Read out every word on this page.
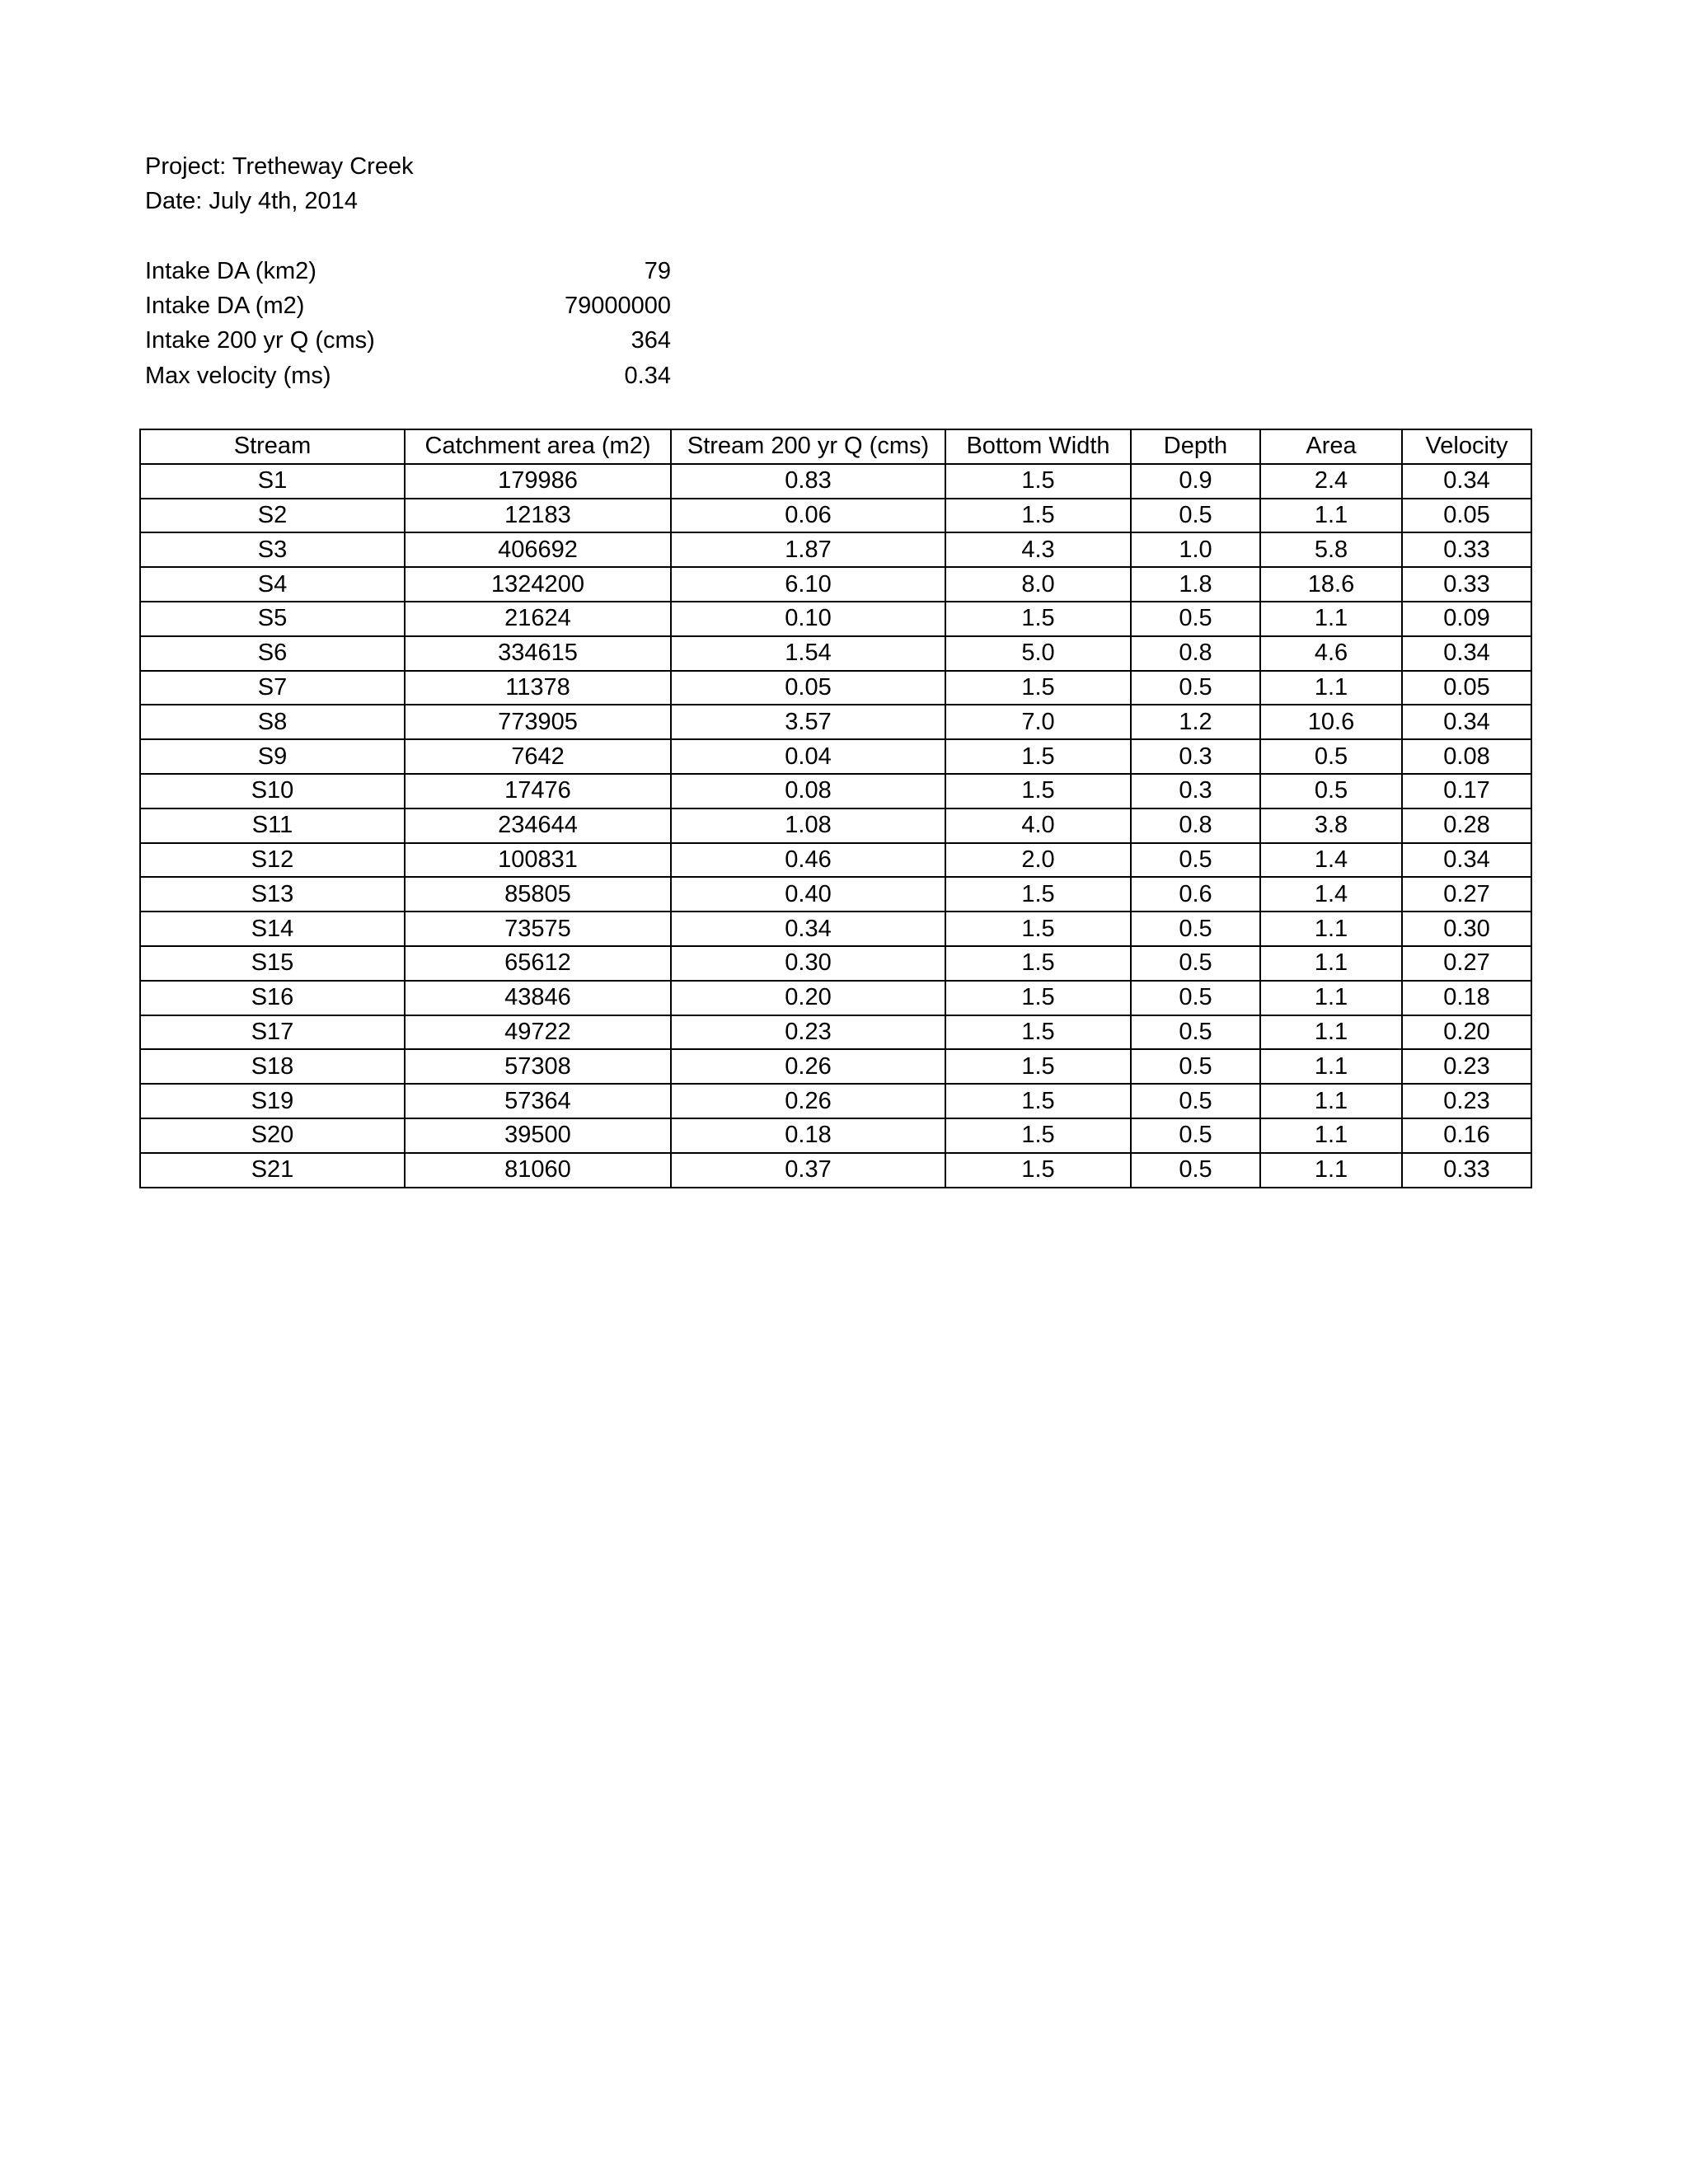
Project: Tretheway Creek
Date: July 4th, 2014
Intake DA (km2)	79
Intake DA (m2)	79000000
Intake 200 yr Q (cms)	364
Max velocity (ms)	0.34
Stream	Catchment area (m2)	Stream 200 yr Q (cms)	Bottom Width	Depth	Area	Velocity
S1	179986	0.83	1.5	0.9	2.4	0.34
S2	12183	0.06	1.5	0.5	1.1	0.05
S3	406692	1.87	4.3	1.0	5.8	0.33
S4	1324200	6.10	8.0	1.8	18.6	0.33
S5	21624	0.10	1.5	0.5	1.1	0.09
S6	334615	1.54	5.0	0.8	4.6	0.34
S7	11378	0.05	1.5	0.5	1.1	0.05
S8	773905	3.57	7.0	1.2	10.6	0.34
S9	7642	0.04	1.5	0.3	0.5	0.08
S10	17476	0.08	1.5	0.3	0.5	0.17
S11	234644	1.08	4.0	0.8	3.8	0.28
S12	100831	0.46	2.0	0.5	1.4	0.34
S13	85805	0.40	1.5	0.6	1.4	0.27
S14	73575	0.34	1.5	0.5	1.1	0.30
S15	65612	0.30	1.5	0.5	1.1	0.27
S16	43846	0.20	1.5	0.5	1.1	0.18
S17	49722	0.23	1.5	0.5	1.1	0.20
S18	57308	0.26	1.5	0.5	1.1	0.23
S19	57364	0.26	1.5	0.5	1.1	0.23
S20	39500	0.18	1.5	0.5	1.1	0.16
S21	81060	0.37	1.5	0.5	1.1	0.33
